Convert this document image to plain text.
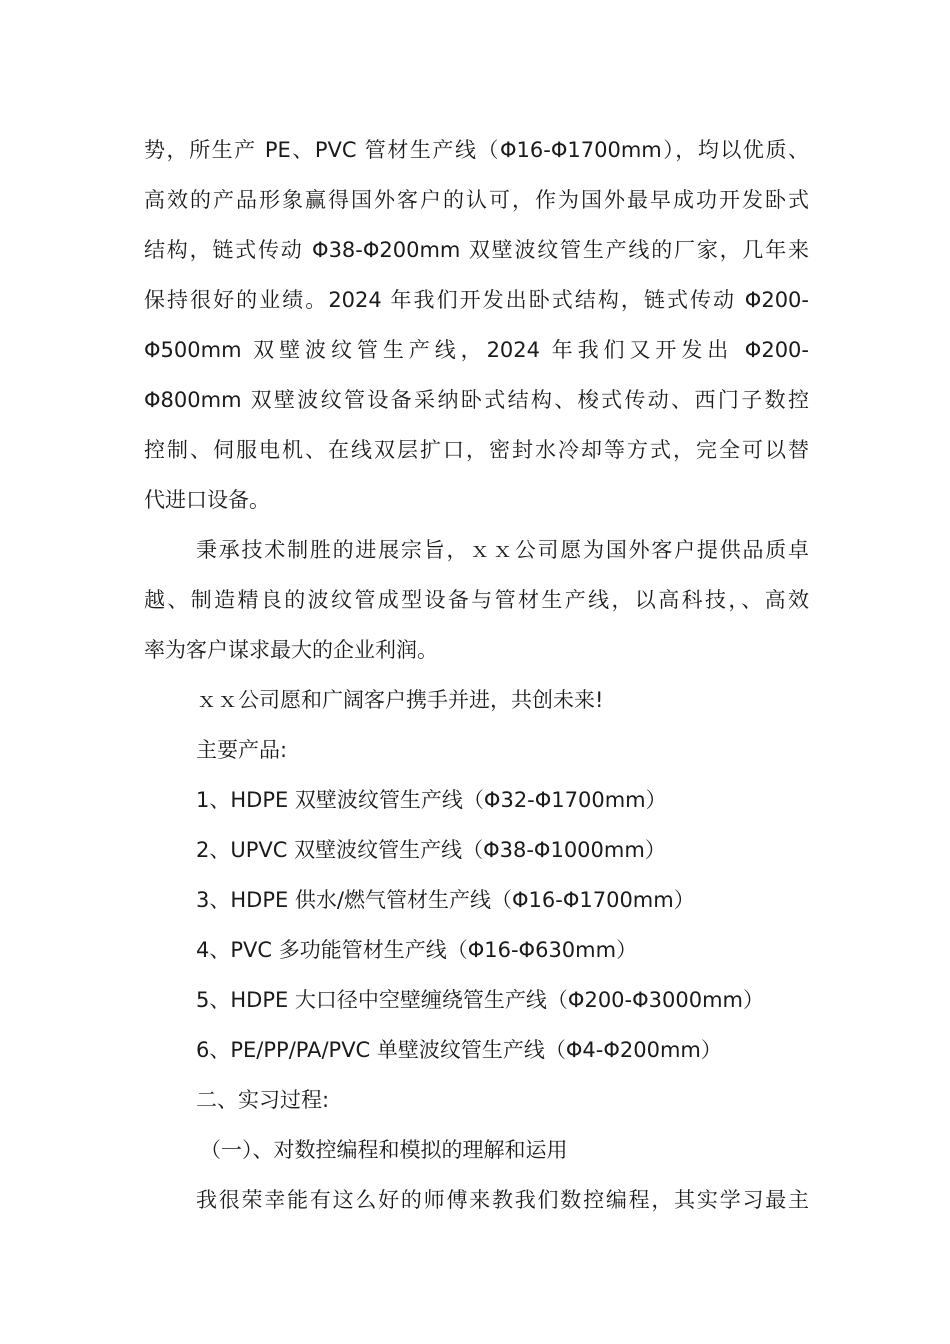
势，所生产 PE、PVC 管材生产线（Φ16-Φ1700mm），均以优质、
高效的产品形象赢得国外客户的认可，作为国外最早成功开发卧式
结构，链式传动 Φ38-Φ200mm 双壁波纹管生产线的厂家，几年来
保持很好的业绩。2024 年我们开发出卧式结构，链式传动 Φ200-
Φ500mm 双壁波纹管生产线，2024 年我们又开发出 Φ200-
Φ800mm 双壁波纹管设备采纳卧式结构、梭式传动、西门子数控
控制、伺服电机、在线双层扩口，密封水冷却等方式，完全可以替
代进口设备。
秉承技术制胜的进展宗旨，ｘｘ公司愿为国外客户提供品质卓
越、制造精良的波纹管成型设备与管材生产线，以高科技，、高效
率为客户谋求最大的企业利润。
ｘｘ公司愿和广阔客户携手并进，共创未来!
主要产品:
1、HDPE 双壁波纹管生产线（Φ32-Φ1700mm）
2、UPVC 双壁波纹管生产线（Φ38-Φ1000mm）
3、HDPE 供水/燃气管材生产线（Φ16-Φ1700mm）
4、PVC 多功能管材生产线（Φ16-Φ630mm）
5、HDPE 大口径中空壁缠绕管生产线（Φ200-Φ3000mm）
6、PE/PP/PA/PVC 单壁波纹管生产线（Φ4-Φ200mm）
二、实习过程:
（一）、对数控编程和模拟的理解和运用
我很荣幸能有这么好的师傅来教我们数控编程，其实学习最主
